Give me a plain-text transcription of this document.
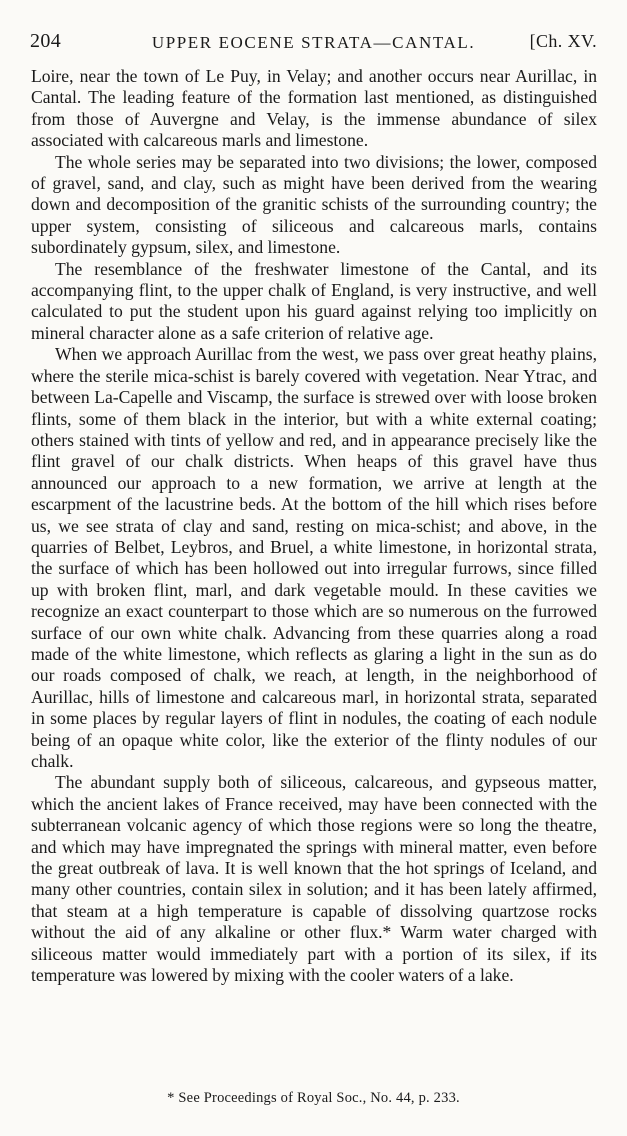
204	UPPER EOCENE STRATA—CANTAL.	[Ch. XV.

Loire, near the town of Le Puy, in Velay; and another occurs near Aurillac, in Cantal. The leading feature of the formation last mentioned, as distinguished from those of Auvergne and Velay, is the immense abundance of silex associated with calcareous marls and limestone.

The whole series may be separated into two divisions; the lower, composed of gravel, sand, and clay, such as might have been derived from the wearing down and decomposition of the granitic schists of the surrounding country; the upper system, consisting of siliceous and calcareous marls, contains subordinately gypsum, silex, and limestone.

The resemblance of the freshwater limestone of the Cantal, and its accompanying flint, to the upper chalk of England, is very instructive, and well calculated to put the student upon his guard against relying too implicitly on mineral character alone as a safe criterion of relative age.

When we approach Aurillac from the west, we pass over great heathy plains, where the sterile mica-schist is barely covered with vegetation. Near Ytrac, and between La-Capelle and Viscamp, the surface is strewed over with loose broken flints, some of them black in the interior, but with a white external coating; others stained with tints of yellow and red, and in appearance precisely like the flint gravel of our chalk districts. When heaps of this gravel have thus announced our approach to a new formation, we arrive at length at the escarpment of the lacustrine beds. At the bottom of the hill which rises before us, we see strata of clay and sand, resting on mica-schist; and above, in the quarries of Belbet, Leybros, and Bruel, a white limestone, in horizontal strata, the surface of which has been hollowed out into irregular furrows, since filled up with broken flint, marl, and dark vegetable mould. In these cavities we recognize an exact counterpart to those which are so numerous on the furrowed surface of our own white chalk. Advancing from these quarries along a road made of the white limestone, which reflects as glaring a light in the sun as do our roads composed of chalk, we reach, at length, in the neighborhood of Aurillac, hills of limestone and calcareous marl, in horizontal strata, separated in some places by regular layers of flint in nodules, the coating of each nodule being of an opaque white color, like the exterior of the flinty nodules of our chalk.

The abundant supply both of siliceous, calcareous, and gypseous matter, which the ancient lakes of France received, may have been connected with the subterranean volcanic agency of which those regions were so long the theatre, and which may have impregnated the springs with mineral matter, even before the great outbreak of lava. It is well known that the hot springs of Iceland, and many other countries, contain silex in solution; and it has been lately affirmed, that steam at a high temperature is capable of dissolving quartzose rocks without the aid of any alkaline or other flux.* Warm water charged with siliceous matter would immediately part with a portion of its silex, if its temperature was lowered by mixing with the cooler waters of a lake.

* See Proceedings of Royal Soc., No. 44, p. 233.
